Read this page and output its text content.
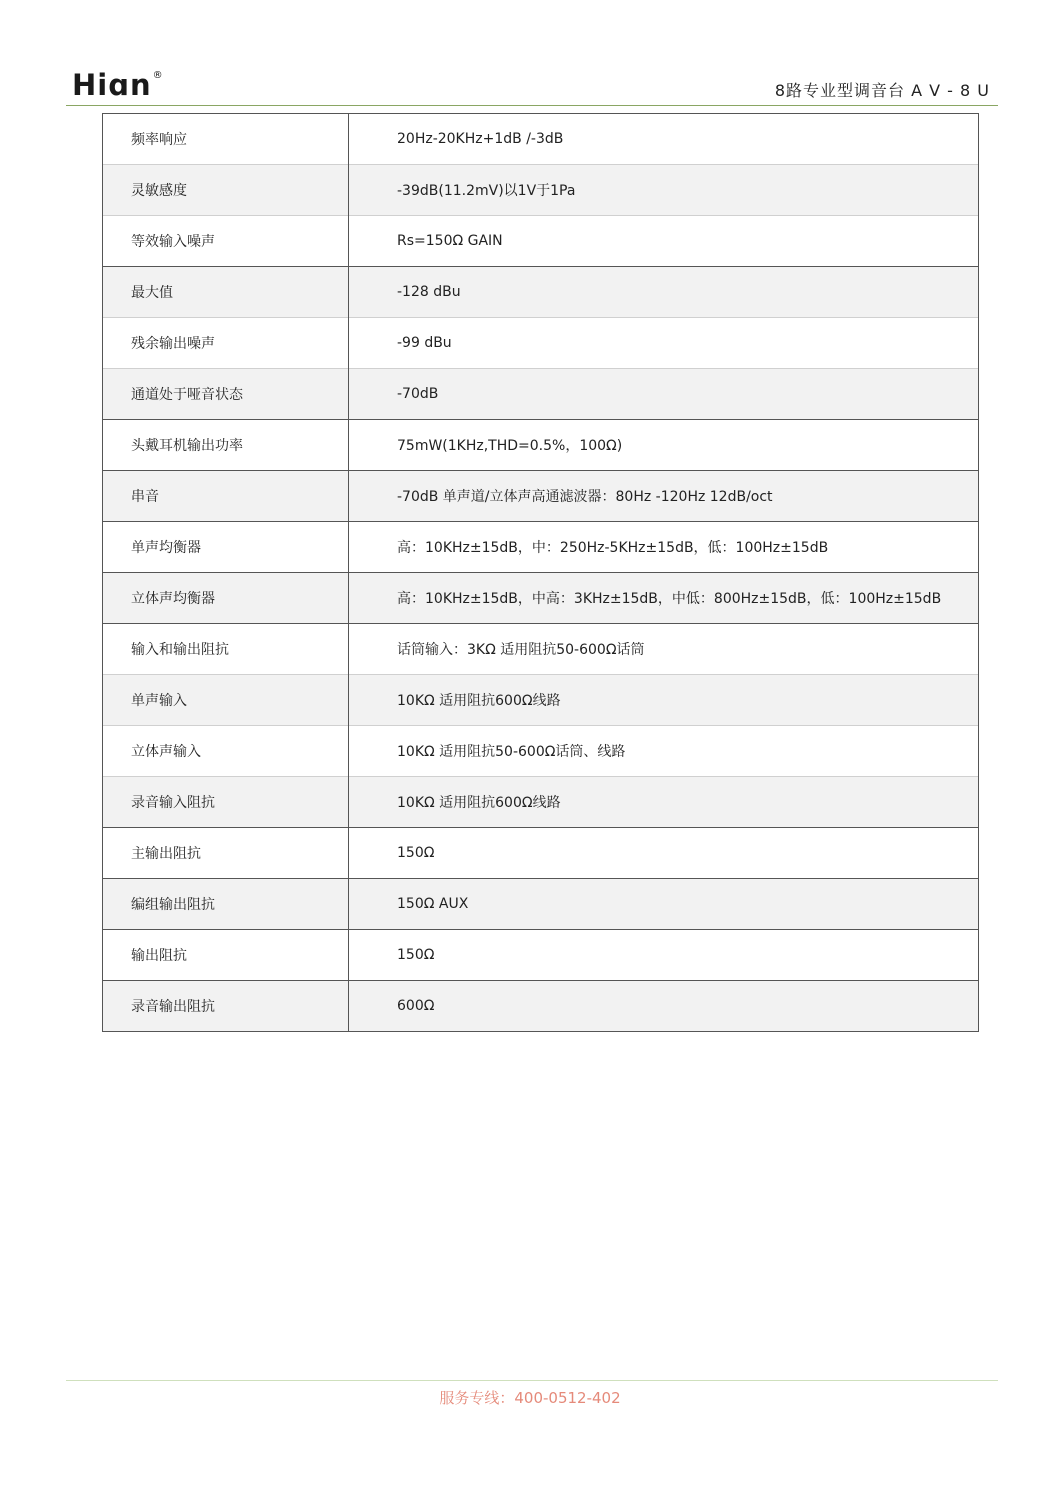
Hiɑn®
8路专业型调音台 A V - 8 U
频率响应	20Hz-20KHz+1dB /-3dB
灵敏感度	-39dB(11.2mV)以1V于1Pa
等效输入噪声	Rs=150Ω GAIN
最大值	-128 dBu
残余输出噪声	-99 dBu
通道处于哑音状态	-70dB
头戴耳机输出功率	75mW(1KHz,THD=0.5%，100Ω)
串音	-70dB 单声道/立体声高通滤波器：80Hz -120Hz 12dB/oct
单声均衡器	高：10KHz±15dB，中：250Hz-5KHz±15dB，低：100Hz±15dB
立体声均衡器	高：10KHz±15dB，中高：3KHz±15dB，中低：800Hz±15dB，低：100Hz±15dB
输入和输出阻抗	话筒输入：3KΩ 适用阻抗50-600Ω话筒
单声输入	10KΩ 适用阻抗600Ω线路
立体声输入	10KΩ 适用阻抗50-600Ω话筒、线路
录音输入阻抗	10KΩ 适用阻抗600Ω线路
主输出阻抗	150Ω
编组输出阻抗	150Ω AUX
输出阻抗	150Ω
录音输出阻抗	600Ω
服务专线：400-0512-402
